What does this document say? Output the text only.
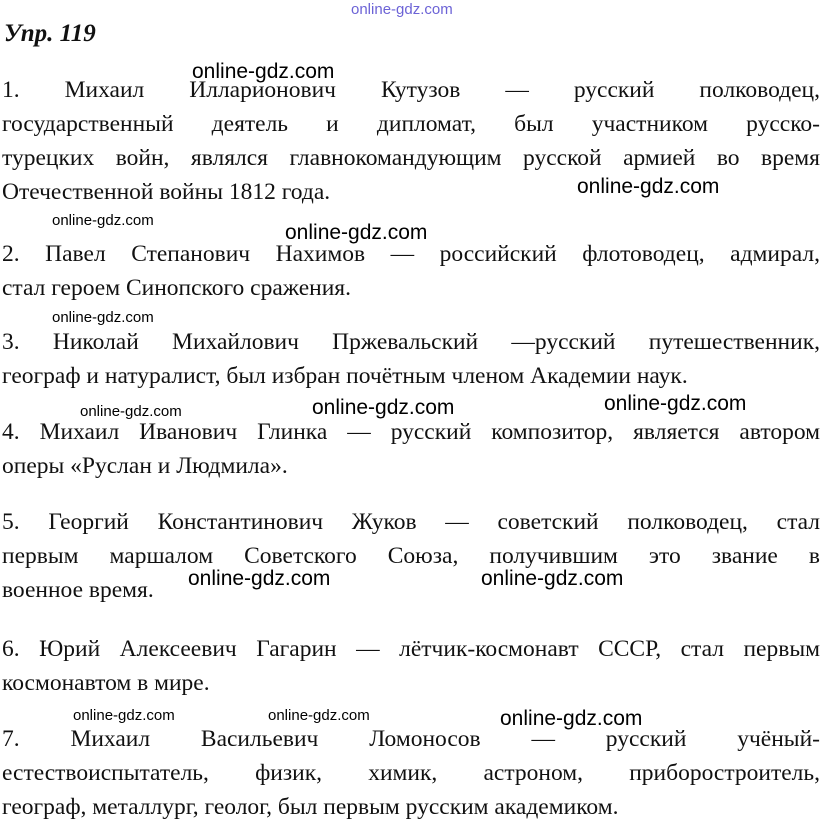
online-gdz.com
Упр. 119

1. Михаил Илларионович Кутузов — русский полководец,
государственный деятель и дипломат, был участником русско-
турецких войн, являлся главнокомандующим русской армией во время
Отечественной войны 1812 года.

2. Павел Степанович Нахимов — российский флотоводец, адмирал,
стал героем Синопского сражения.

3. Николай Михайлович Пржевальский —русский путешественник,
географ и натуралист, был избран почётным членом Академии наук.

4. Михаил Иванович Глинка — русский композитор, является автором
оперы «Руслан и Людмила».

5. Георгий Константинович Жуков — советский полководец, стал
первым маршалом Советского Союза, получившим это звание в
военное время.

6. Юрий Алексеевич Гагарин — лётчик-космонавт СССР, стал первым
космонавтом в мире.

7. Михаил Васильевич Ломоносов — русский учёный-
естествоиспытатель, физик, химик, астроном, приборостроитель,
географ, металлург, геолог, был первым русским академиком.

online-gdz.com
online-gdz.com
online-gdz.com
online-gdz.com
online-gdz.com
online-gdz.com	online-gdz.com	online-gdz.com
online-gdz.com	online-gdz.com
online-gdz.com	online-gdz.com	online-gdz.com
